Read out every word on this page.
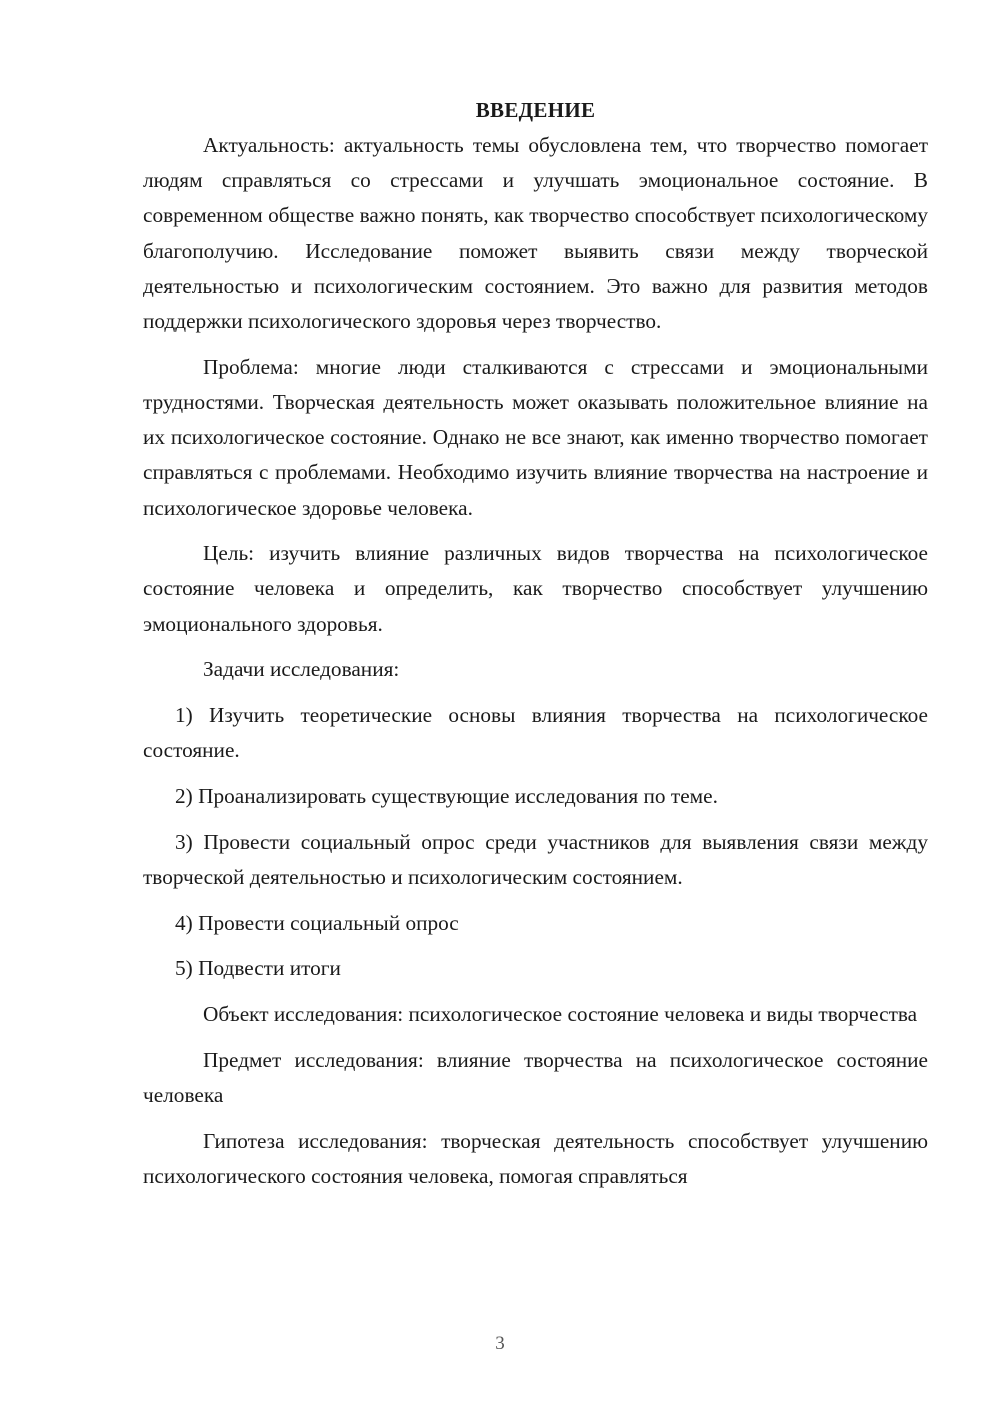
ВВЕДЕНИЕ

Актуальность: актуальность темы обусловлена тем, что творчество помогает людям справляться со стрессами и улучшать эмоциональное состояние. В современном обществе важно понять, как творчество способствует психологическому благополучию. Исследование поможет выявить связи между творческой деятельностью и психологическим состоянием. Это важно для развития методов поддержки психологического здоровья через творчество.

Проблема: многие люди сталкиваются с стрессами и эмоциональными трудностями. Творческая деятельность может оказывать положительное влияние на их психологическое состояние. Однако не все знают, как именно творчество помогает справляться с проблемами. Необходимо изучить влияние творчества на настроение и психологическое здоровье человека.

Цель: изучить влияние различных видов творчества на психологическое состояние человека и определить, как творчество способствует улучшению эмоционального здоровья.

Задачи исследования:

1) Изучить теоретические основы влияния творчества на психологическое состояние.

2) Проанализировать существующие исследования по теме.

3) Провести социальный опрос среди участников для выявления связи между творческой деятельностью и психологическим состоянием.

4) Провести социальный опрос

5) Подвести итоги

Объект исследования: психологическое состояние человека и виды творчества

Предмет исследования: влияние творчества на психологическое состояние человека

Гипотеза исследования: творческая деятельность способствует улучшению психологического состояния человека, помогая справляться

3
